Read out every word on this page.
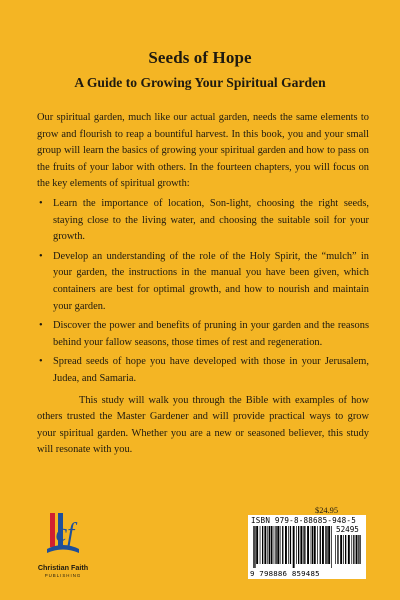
Seeds of Hope
A Guide to Growing Your Spiritual Garden

Our spiritual garden, much like our actual garden, needs the same elements to grow and flourish to reap a bountiful harvest. In this book, you and your small group will learn the basics of growing your spiritual garden and how to pass on the fruits of your labor with others. In the fourteen chapters, you will focus on the key elements of spiritual growth:

• Learn the importance of location, Son-light, choosing the right seeds, staying close to the living water, and choosing the suitable soil for your growth.
• Develop an understanding of the role of the Holy Spirit, the “mulch” in your garden, the instructions in the manual you have been given, which containers are best for optimal growth, and how to nourish and maintain your garden.
• Discover the power and benefits of pruning in your garden and the reasons behind your fallow seasons, those times of rest and regeneration.
• Spread seeds of hope you have developed with those in your Jerusalem, Judea, and Samaria.

This study will walk you through the Bible with examples of how others trusted the Master Gardener and will provide practical ways to grow your spiritual garden. Whether you are a new or seasoned believer, this study will resonate with you.

cf
Christian Faith
PUBLISHING
$24.95
ISBN 979-8-88685-948-5
52495
9 798886 859485
